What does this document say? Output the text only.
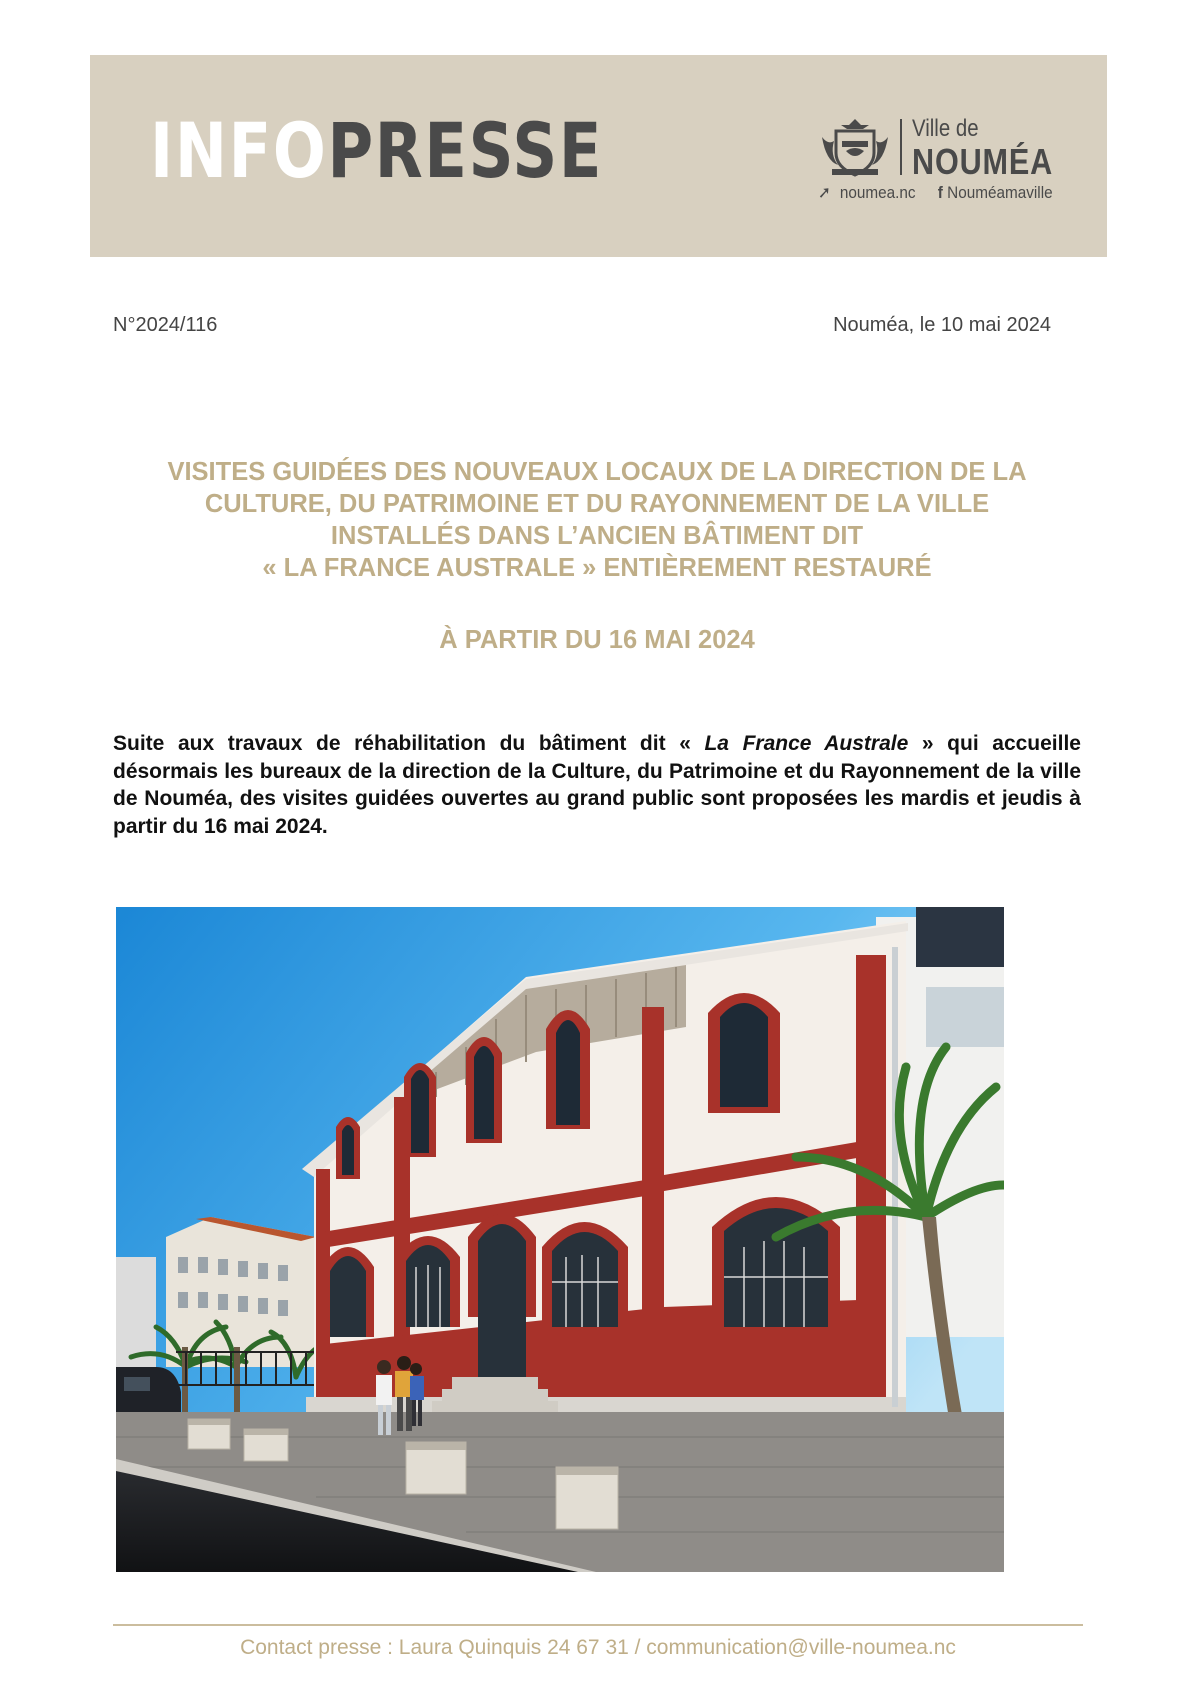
INFOPRESSE	Ville de
NOUMÉA
➚ noumea.nc f Nouméamaville
N°2024/116	Nouméa, le 10 mai 2024
VISITES GUIDÉES DES NOUVEAUX LOCAUX DE LA DIRECTION DE LA
CULTURE, DU PATRIMOINE ET DU RAYONNEMENT DE LA VILLE
INSTALLÉS DANS L’ANCIEN BÂTIMENT DIT
« LA FRANCE AUSTRALE » ENTIÈREMENT RESTAURÉ
À PARTIR DU 16 MAI 2024
Suite aux travaux de réhabilitation du bâtiment dit « La France Australe » qui accueille désormais les bureaux de la direction de la Culture, du Patrimoine et du Rayonnement de la ville de Nouméa, des visites guidées ouvertes au grand public sont proposées les mardis et jeudis à partir du 16 mai 2024.
Contact presse : Laura Quinquis 24 67 31 / communication@ville-noumea.nc
